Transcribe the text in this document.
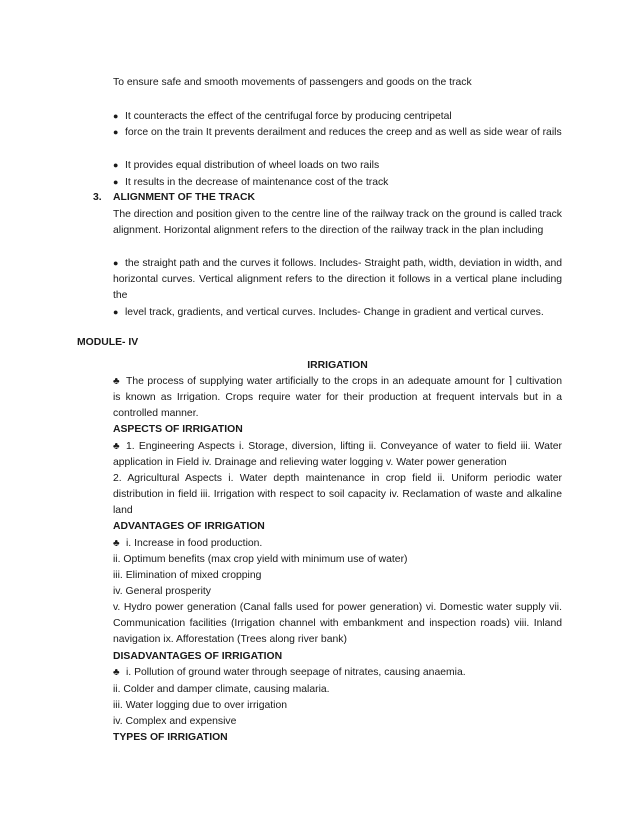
To ensure safe and smooth movements of passengers and goods on the track
● It counteracts the effect of the centrifugal force by producing centripetal
● force on the train It prevents derailment and reduces the creep and as well as side wear of rails
● It provides equal distribution of wheel loads on two rails
● It results in the decrease of maintenance cost of the track
3. ALIGNMENT OF THE TRACK
The direction and position given to the centre line of the railway track on the ground is called track alignment. Horizontal alignment refers to the direction of the railway track in the plan including
● the straight path and the curves it follows. Includes- Straight path, width, deviation in width, and horizontal curves. Vertical alignment refers to the direction it follows in a vertical plane including the
● level track, gradients, and vertical curves. Includes- Change in gradient and vertical curves.
MODULE- IV
IRRIGATION
♣ The process of supplying water artificially to the crops in an adequate amount for ⌉ cultivation is known as Irrigation. Crops require water for their production at frequent intervals but in a controlled manner.
ASPECTS OF IRRIGATION
♣ 1. Engineering Aspects i. Storage, diversion, lifting ii. Conveyance of water to field iii. Water application in Field iv. Drainage and relieving water logging v. Water power generation
2. Agricultural Aspects i. Water depth maintenance in crop field ii. Uniform periodic water distribution in field iii. Irrigation with respect to soil capacity iv. Reclamation of waste and alkaline land
ADVANTAGES OF IRRIGATION
♣ i. Increase in food production.
ii. Optimum benefits (max crop yield with minimum use of water)
iii. Elimination of mixed cropping
iv. General prosperity
v. Hydro power generation (Canal falls used for power generation) vi. Domestic water supply vii. Communication facilities (Irrigation channel with embankment and inspection roads) viii. Inland navigation ix. Afforestation (Trees along river bank)
DISADVANTAGES OF IRRIGATION
♣ i. Pollution of ground water through seepage of nitrates, causing anaemia.
ii. Colder and damper climate, causing malaria.
iii. Water logging due to over irrigation
iv. Complex and expensive
TYPES OF IRRIGATION
